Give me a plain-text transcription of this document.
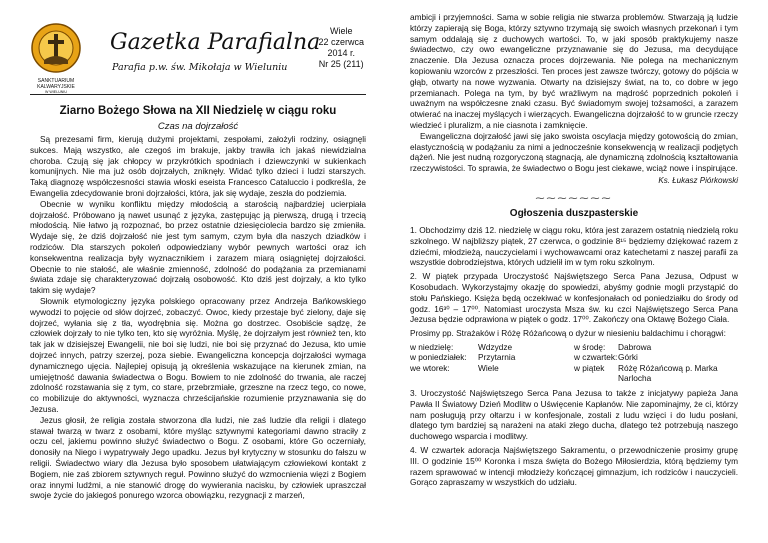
SANKTUARIUM
KALWARYJSKIE
W WIELUNIU
Gazetka Parafialna
Parafia p.w. św. Mikołaja w Wieluniu
Wiele
22 czerwca
2014 r.
Nr 25 (211)
Ziarno Bożego Słowa na XII Niedzielę w ciągu roku
Czas na dojrzałość

Są prezesami firm, kierują dużymi projektami, zespołami, założyli rodziny, osiągnęli sukces. Mają wszystko, ale czegoś im brakuje, jakby trawiła ich jakaś niewidzialna choroba. Czują się jak chłopcy w przykrótkich spodniach i dziewczynki w sukienkach komunijnych. Nie ma już osób dojrzałych, zniknęły. Widać tylko dzieci i ludzi starszych. Taką diagnozę współczesności stawia włoski eseista Francesco Cataluccio i podkreśla, że Ewangelia zdecydowanie broni dojrzałości, która, jak się wydaje, zeszła do podziemia.

Obecnie w wyniku konfliktu między młodością a starością najbardziej ucierpiała dojrzałość. Próbowano ją nawet usunąć z języka, zastępując ją pierwszą, drugą i trzecią młodością. Nie łatwo ją rozpoznać, bo przez ostatnie dziesięciolecia bardzo się zmieniła. Wydaje się, że dziś dojrzałość nie jest tym samym, czym była dla naszych dziadków i rodziców. Dla starszych pokoleń odpowiedziany wybór pewnych wartości oraz ich konsekwentna realizacja były wyznacznikiem i zarazem miarą osiągniętej dojrzałości. Obecnie to nie stałość, ale właśnie zmienność, zdolność do podążania za przemianami świata zdaje się charakteryzować dojrzałą osobowość. Kto dziś jest dojrzały, a kto tylko takim się wydaje?

Słownik etymologiczny języka polskiego opracowany przez Andrzeja Bańkowskiego wywodzi to pojęcie od słów dojrzeć, zobaczyć. Owoc, kiedy przestaje być zielony, daje się dojrzeć, wyłania się z tła, wyodrębnia się. Można go dostrzec. Osobiście sądzę, że człowiek dojrzały to nie tylko ten, kto się wyróżnia. Myślę, że dojrzałym jest również ten, kto tak jak w dzisiejszej Ewangelii, nie boi się ludzi, nie boi się przyznać do Jezusa, kto umie dojrzeć innych, patrzy szerzej, poza siebie. Ewangeliczna koncepcja dojrzałości wymaga dynamicznego ujęcia. Najlepiej opisują ją określenia wskazujące na kierunek zmian, na umiejętność dawania świadectwa o Bogu. Bowiem to nie zdolność do trwania, ale raczej zdolność rozstawania się z tym, co stare, przebrzmiałe, grzeszne na rzecz tego, co nowe, co mobilizuje do aktywności, wyznacza chrześcijańskie rozumienie przyznawania się do Jezusa.

Jezus głosił, że religia została stworzona dla ludzi, nie zaś ludzie dla religii i dlatego stawał twarzą w twarz z osobami, które myśląc sztywnymi kategoriami dawno straciły z oczu cel, jakiemu powinno służyć świadectwo o Bogu. Z osobami, które Go oczerniały, donosiły na Niego i wypatrywały Jego upadku. Jezus był krytyczny w stosunku do fałszu w religii. Świadectwo wiary dla Jezusa było sposobem ułatwiającym człowiekowi kontakt z Bogiem, nie zaś zbiorem sztywnych reguł. Powinno służyć do wzmocnienia więzi z Bogiem oraz innymi ludźmi, a nie stanowić drogę do wywierania nacisku, by człowiek upraszczał swoje życie do jakiegoś ponurego wzorca obowiązku, rezygnacji z marzeń,

ambicji i przyjemności. Sama w sobie religia nie stwarza problemów. Stwarzają ją ludzie którzy zapierają się Boga, którzy sztywno trzymają się swoich własnych przekonań i tym samym oddalają się z duchowych wartości. To, w jaki sposób praktykujemy nasze świadectwo, czy owo ewangeliczne przyznawanie się do Jezusa, ma decydujące znaczenie. Dla Jezusa oznacza proces dojrzewania. Nie polega na mechanicznym kopiowaniu wzorców z przeszłości. Ten proces jest zawsze twórczy, gotowy do pójścia w głąb, otwarty na nowe wyzwania. Otwarty na dzisiejszy świat, na to, co dobre w jego przemianach. Polega na tym, by być wrażliwym na mądrość poprzednich pokoleń i uważnym na współczesne znaki czasu. Być świadomym swojej tożsamości, a zarazem otwierać na inaczej myślących i wierzących. Ewangeliczna dojrzałość to w gruncie rzeczy wiedzieć i pluralizm, a nie ciasnota i zamknięcie.

Ewangeliczna dojrzałość jawi się jako swoista oscylacja między gotowością do zmian, elastycznością w podążaniu za nimi a jednocześnie konsekwencją w realizacji podjętych dążeń. Nie jest nudną rozgoryczoną stagnacją, ale dynamiczną zdolnością kształtowania rzeczywistości. To sprawia, że świadectwo o Bogu jest ciekawe, wciąż nowe i inspirujące.

Ks. Łukasz Piórkowski
⁓⁓⁓⁓⁓⁓⁓
Ogłoszenia duszpasterskie

1. Obchodzimy dziś 12. niedzielę w ciągu roku, która jest zarazem ostatnią niedzielą roku szkolnego. W najbliższy piątek, 27 czerwca, o godzinie 8¹⁵ będziemy dziękować razem z dziećmi, młodzieżą, nauczycielami i wychowawcami oraz katechetami z naszej parafii za wszystkie dobrodziejstwa, których udzielił im w tym roku szkolnym.

2. W piątek przypada Uroczystość Najświętszego Serca Pana Jezusa, Odpust w Kosobudach. Wykorzystajmy okazję do spowiedzi, abyśmy godnie mogli przystąpić do stołu Pańskiego. Księża będą oczekiwać w konfesjonałach od poniedziałku do środy od godz. 16³⁰ – 17⁰⁰. Natomiast uroczysta Msza św. ku czci Najświętszego Serca Pana Jezusa będzie odprawiona w piątek o godz. 17⁰⁰. Zakończy ona Oktawę Bożego Ciała.

Prosimy pp. Strażaków i Różę Różańcową o dyżur w niesieniu baldachimu i chorągwi:

w niedzielę:	Wdzydze	w środę:	Dabrowa
w poniedziałek:	Przytarnia	w czwartek:	Górki
we wtorek:	Wiele	w piątek	Różę Różańcową p. Marka Narlocha

3. Uroczystość Najświętszego Serca Pana Jezusa to także z inicjatywy papieża Jana Pawła II Światowy Dzień Modlitw o Uświęcenie Kapłanów. Nie zapominajmy, że ci, którzy nam posługują przy ołtarzu i w konfesjonale, zostali z ludu wzięci i do ludu posłani, dlatego tym bardziej są narażeni na ataki złego ducha, dlatego też potrzebują naszego duchowego wsparcia i modlitwy.

4. W czwartek adoracja Najświętszego Sakramentu, o przewodniczenie prosimy grupę III. O godzinie 15⁰⁰ Koronka i msza święta do Bożego Miłosierdzia, którą będziemy tym razem sprawować w intencji młodzieży kończącej gimnazjum, ich rodziców i nauczycieli. Gorąco zapraszamy w wszystkich do udziału.
